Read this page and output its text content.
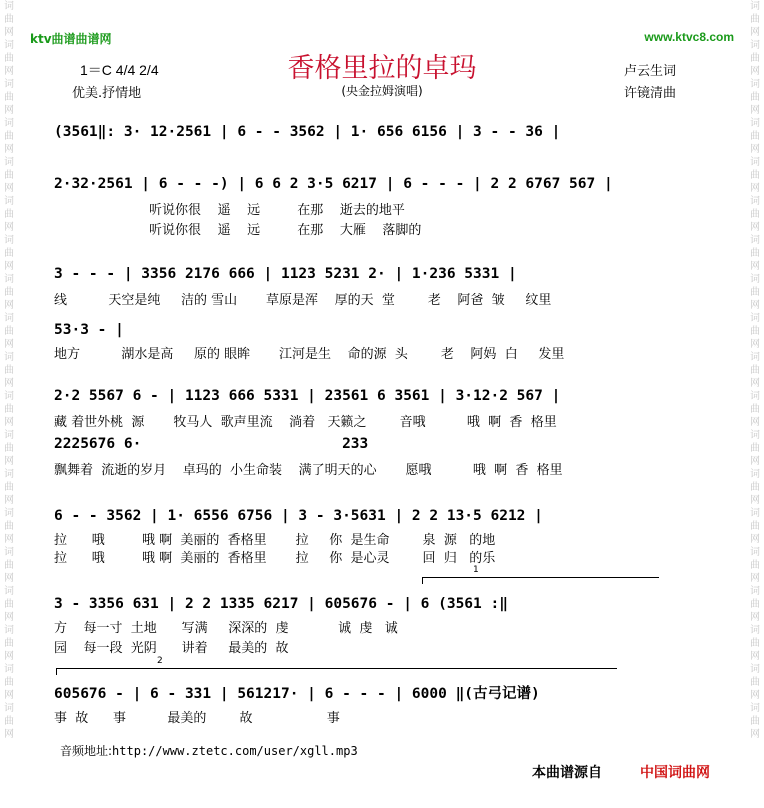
词曲网词曲网词曲网词曲网词曲网词曲网词曲网词曲网词曲网词曲网词曲网词曲网词曲网词曲网词曲网词曲网词曲网词曲网词曲网
词曲网词曲网词曲网词曲网词曲网词曲网词曲网词曲网词曲网词曲网词曲网词曲网词曲网词曲网词曲网词曲网词曲网词曲网词曲网
ktv曲谱曲谱网	www.ktvc8.com
香格里拉的卓玛
1＝C 4/4 2/4
优美.抒情地	(央金拉姆演唱)
卢云生词
许镜清曲
(3561‖: 3· 12·2561 | 6 - - 3562 | 1· 656 6156 | 3 - - 36 |
2·32·2561 | 6 - - -) | 6 6 2 3·5 6217 | 6 - - - | 2 2 6767 567 |
听说你很    遥    远         在那    逝去的地平
听说你很    遥    远         在那    大雁    落脚的
3 - - - | 3356 2176 666 | 1123 5231 2· | 1·236 5331 |
线          天空是纯     洁的 雪山       草原是浑    厚的天  堂        老    阿爸  皱     纹里
53·3 - |
地方          湖水是高     原的 眼眸       江河是生    命的源  头        老    阿妈  白     发里
2·2 5567 6 - | 1123 666 5331 | 23561 6 3561 | 3·12·2 567 |
藏 着世外桃  源       牧马人  歌声里流    淌着   天籁之        音哦          哦  啊  香  格里
2225676 6·                       233
飘舞着  流逝的岁月    卓玛的  小生命装    满了明天的心       愿哦          哦  啊  香  格里
6 - - 3562 | 1· 6556 6756 | 3 - 3·5631 | 2 2 13·5 6212 |
拉      哦         哦 啊  美丽的  香格里       拉     你  是生命        泉  源   的地
拉      哦         哦 啊  美丽的  香格里       拉     你  是心灵        回  归   的乐
1
3 - 3356 631 | 2 2 1335 6217 | 605676 - | 6 (3561 :‖
方    每一寸  土地      写满     深深的  虔            诚  虔   诚
园    每一段  光阴      讲着     最美的  故
2
605676 - | 6 - 331 | 561217· | 6 - - - | 6000 ‖(古弓记谱)
事  故      事          最美的        故                  事
音频地址:http://www.ztetc.com/user/xgll.mp3
本曲谱源自	中国词曲网
